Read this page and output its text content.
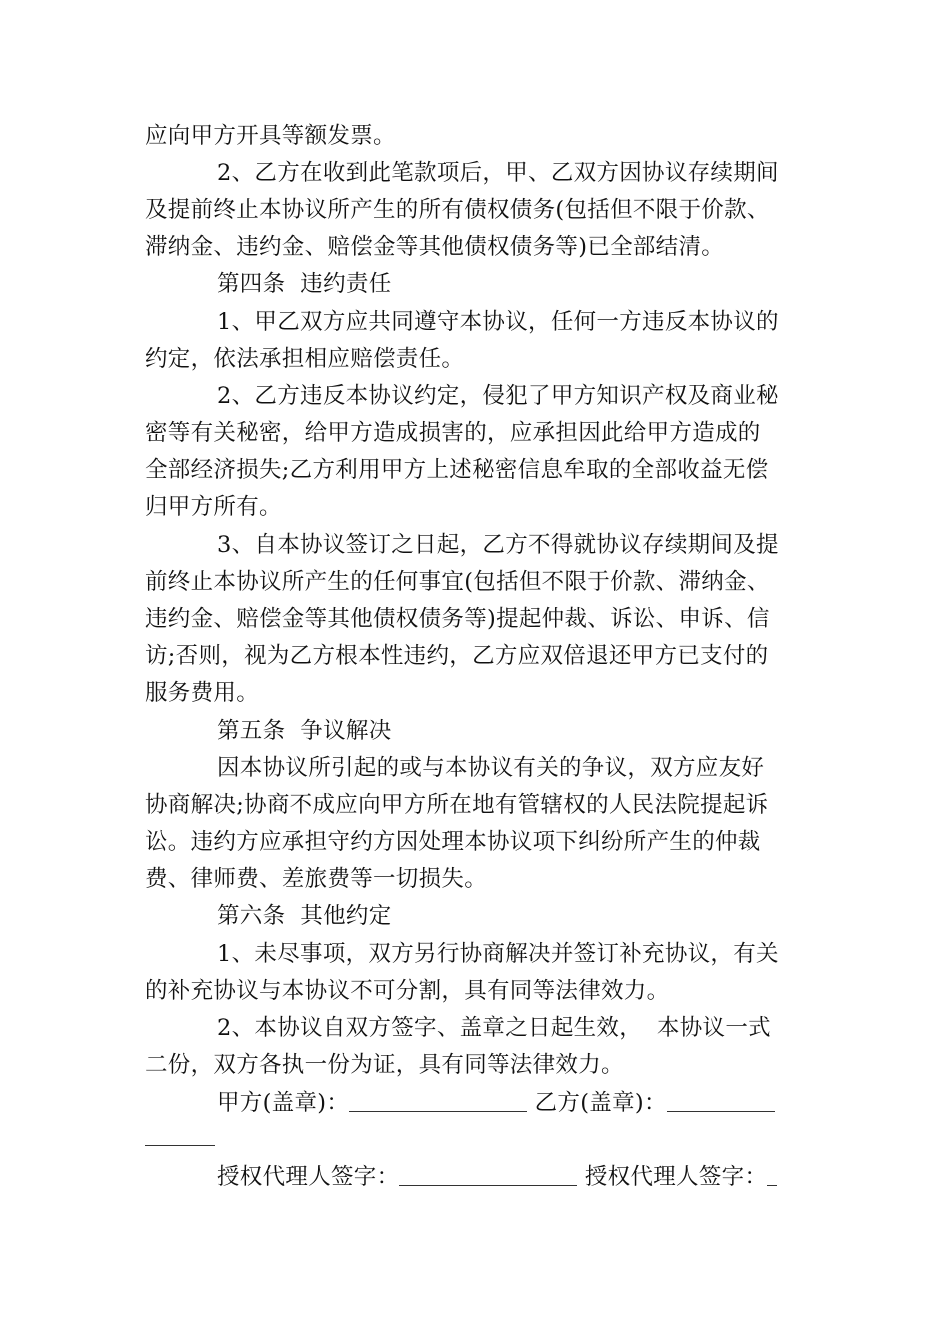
应向甲方开具等额发票。
2、乙方在收到此笔款项后，甲、乙双方因协议存续期间
及提前终止本协议所产生的所有债权债务(包括但不限于价款、
滞纳金、违约金、赔偿金等其他债权债务等)已全部结清。
第四条  违约责任
1、甲乙双方应共同遵守本协议，任何一方违反本协议的
约定，依法承担相应赔偿责任。
2、乙方违反本协议约定，侵犯了甲方知识产权及商业秘
密等有关秘密，给甲方造成损害的，应承担因此给甲方造成的
全部经济损失;乙方利用甲方上述秘密信息牟取的全部收益无偿
归甲方所有。
3、自本协议签订之日起，乙方不得就协议存续期间及提
前终止本协议所产生的任何事宜(包括但不限于价款、滞纳金、
违约金、赔偿金等其他债权债务等)提起仲裁、诉讼、申诉、信
访;否则，视为乙方根本性违约，乙方应双倍退还甲方已支付的
服务费用。
第五条  争议解决
因本协议所引起的或与本协议有关的争议，双方应友好
协商解决;协商不成应向甲方所在地有管辖权的人民法院提起诉
讼。违约方应承担守约方因处理本协议项下纠纷所产生的仲裁
费、律师费、差旅费等一切损失。
第六条  其他约定
1、未尽事项，双方另行协商解决并签订补充协议，有关
的补充协议与本协议不可分割，具有同等法律效力。
2、本协议自双方签字、盖章之日起生效，  本协议一式
二份，双方各执一份为证，具有同等法律效力。
甲方(盖章)：	乙方(盖章)：
授权代理人签字：	授权代理人签字：
